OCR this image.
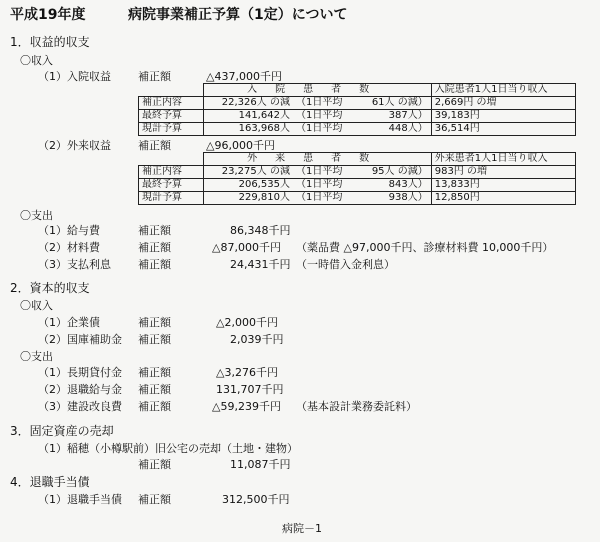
平成19年度	病院事業補正予算（1定）について
1．収益的収支
〇収入
（1）入院収益 補正額	△437,000千円
	入院患者数			入院患者1人1日当り収入
補正内容	22,326人 の減	（1日平均	61人 の減）	2,669円 の増
最終予算	141,642人	（1日平均	387人）	39,183円
現計予算	163,968人	（1日平均	448人）	36,514円
（2）外来収益 補正額	△96,000千円
	外来患者数			外来患者1人1日当り収入
補正内容	23,275人 の減	（1日平均	95人 の減）	983円 の増
最終予算	206,535人	（1日平均	843人）	13,833円
現計予算	229,810人	（1日平均	938人）	12,850円
〇支出
（1）給与費	補正額	86,348千円
（2）材料費	補正額	△87,000千円 （薬品費 △97,000千円、診療材料費 10,000千円）
（3）支払利息 補正額	24,431千円 （一時借入金利息）
2．資本的収支
〇収入
（1）企業債	補正額	△2,000千円
（2）国庫補助金 補正額	2,039千円
〇支出
（1）長期貸付金 補正額	△3,276千円
（2）退職給与金 補正額	131,707千円
（3）建設改良費 補正額	△59,239千円 （基本設計業務委託料）
3．固定資産の売却
（1）稲穂（小樽駅前）旧公宅の売却（土地・建物）
補正額	11,087千円
4．退職手当債
（1）退職手当債 補正額	312,500千円
病院－1
